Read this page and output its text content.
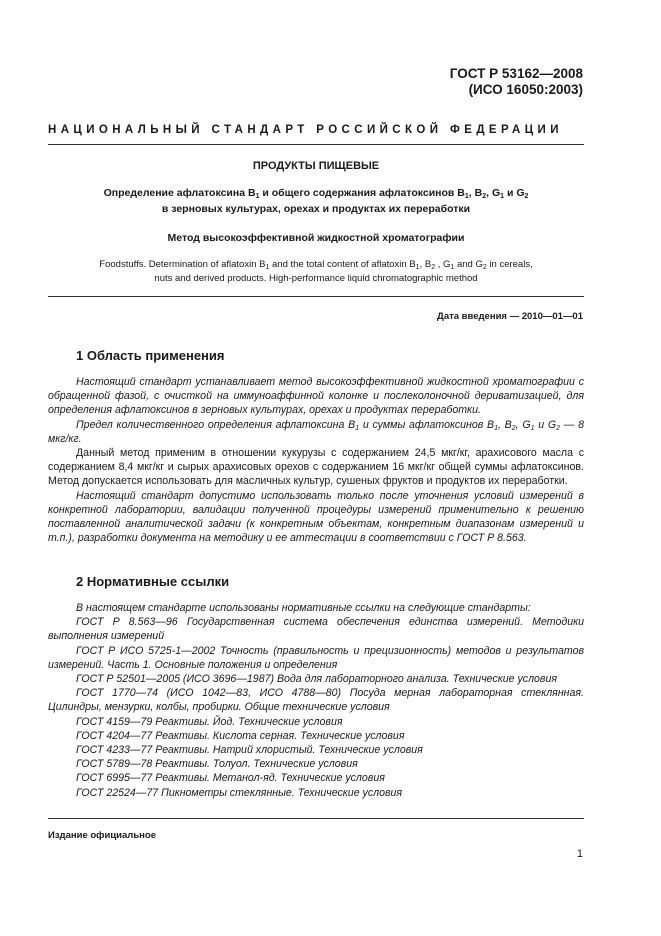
ГОСТ Р 53162—2008
(ИСО 16050:2003)
НАЦИОНАЛЬНЫЙ СТАНДАРТ РОССИЙСКОЙ ФЕДЕРАЦИИ
ПРОДУКТЫ ПИЩЕВЫЕ
Определение афлатоксина $B_1$ и общего содержания афлатоксинов $B_1$, $B_2$, $G_1$ и $G_2$
в зерновых культурах, орехах и продуктах их переработки
Метод высокоэффективной жидкостной хроматографии
Foodstuffs. Determination of aflatoxin $B_1$ and the total content of aflatoxin $B_1$, $B_2$ , $G_1$ and $G_2$ in cereals,
nuts and derived products. High-performance liquid chromatographic method
Дата введения — 2010—01—01
1 Область применения

Настоящий стандарт устанавливает метод высокоэффективной жидкостной хроматографии с обращенной фазой, с очисткой на иммуноаффинной колонке и послеколоночной дериватизацией, для определения афлатоксинов в зерновых культурах, орехах и продуктах переработки.

Предел количественного определения афлатоксина $B_1$ и суммы афлатоксинов $B_1$, $B_2$, $G_1$ и $G_2$ — 8 мкг/кг.

Данный метод применим в отношении кукурузы с содержанием 24,5 мкг/кг, арахисового масла с содержанием 8,4 мкг/кг и сырых арахисовых орехов с содержанием 16 мкг/кг общей суммы афлатоксинов. Метод допускается использовать для масличных культур, сушеных фруктов и продуктов их переработки.

Настоящий стандарт допустимо использовать только после уточнения условий измерений в конкретной лаборатории, валидации полученной процедуры измерений применительно к решению поставленной аналитической задачи (к конкретным объектам, конкретным диапазонам измерений и т.п.), разработки документа на методику и ее аттестации в соответствии с ГОСТ Р 8.563.

2 Нормативные ссылки

В настоящем стандарте использованы нормативные ссылки на следующие стандарты:

ГОСТ Р 8.563—96 Государственная система обеспечения единства измерений. Методики выполнения измерений

ГОСТ Р ИСО 5725-1—2002 Точность (правильность и прецизионность) методов и результатов измерений. Часть 1. Основные положения и определения

ГОСТ Р 52501—2005 (ИСО 3696—1987) Вода для лабораторного анализа. Технические условия

ГОСТ 1770—74 (ИСО 1042—83, ИСО 4788—80) Посуда мерная лабораторная стеклянная. Цилиндры, мензурки, колбы, пробирки. Общие технические условия

ГОСТ 4159—79 Реактивы. Йод. Технические условия

ГОСТ 4204—77 Реактивы. Кислота серная. Технические условия

ГОСТ 4233—77 Реактивы. Натрий хлористый. Технические условия

ГОСТ 5789—78 Реактивы. Толуол. Технические условия

ГОСТ 6995—77 Реактивы. Метанол-яд. Технические условия

ГОСТ 22524—77 Пикнометры стеклянные. Технические условия

Издание официальное
1
